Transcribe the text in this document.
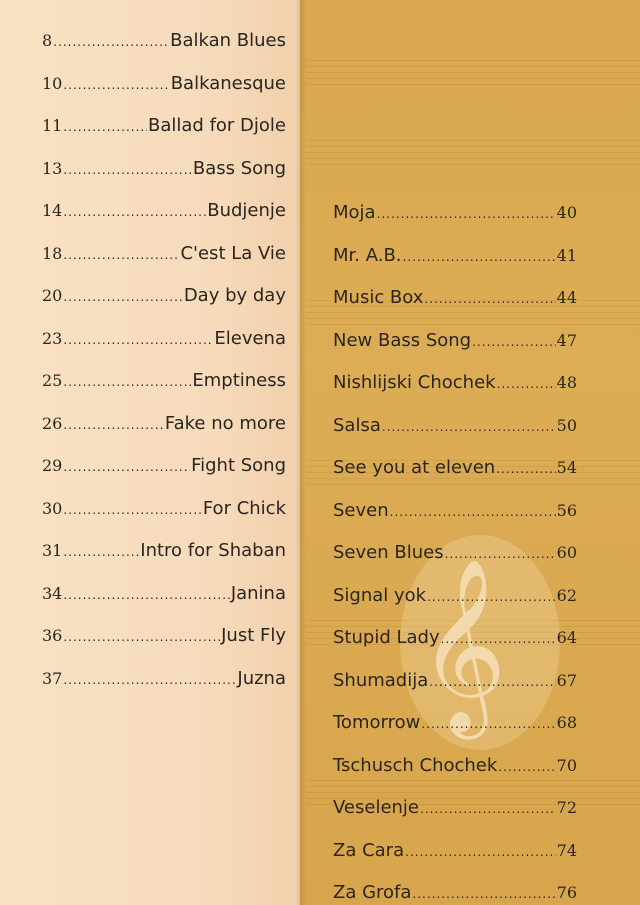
𝄞
8 .....	Balkan Blues
10 .....	Balkanesque
11 .....	Ballad for Djole
13 .....	Bass Song
14 .....	Budjenje
18 .....	C'est La Vie
20 .....	Day by day
23 .....	Elevena
25 .....	Emptiness
26 .....	Fake no more
29 .....	Fight Song
30 .....	For Chick
31 .....	Intro for Shaban
34 .....	Janina
36 .....	Just Fly
37 .....	Juzna
Moja .....	40
Mr. A.B. .....	41
Music Box .....	44
New Bass Song .....	47
Nishlijski Chochek .....	48
Salsa .....	50
See you at eleven .....	54
Seven .....	56
Seven Blues .....	60
Signal yok .....	62
Stupid Lady .....	64
Shumadija .....	67
Tomorrow .....	68
Tschusch Chochek .....	70
Veselenje .....	72
Za Cara .....	74
Za Grofa .....	76
